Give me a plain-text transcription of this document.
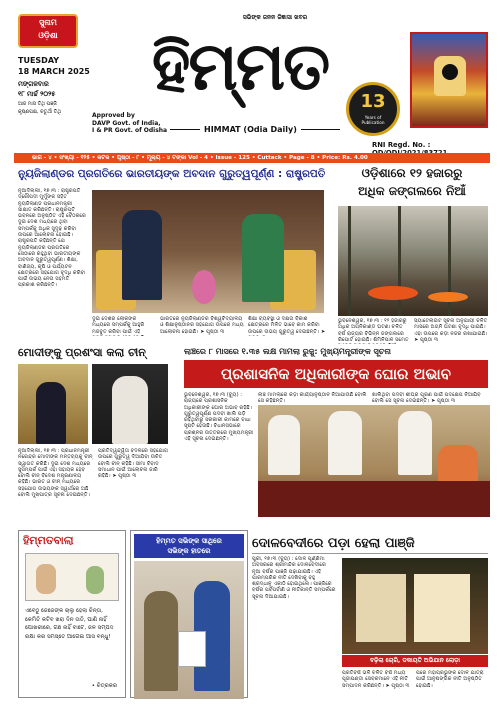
ସୁନାମ
ଓଡ଼ିଶା
TUESDAY
18 MARCH 2025
ମଙ୍ଗଳବାର
୧୮ ମାର୍ଚ୍ଚ ୨୦୨୫
ଆଜ ମାସ ତିଥି ପଞ୍ଜି
କୃଷ୍ଣପକ୍ଷ, ଚତୁର୍ଥୀ ତିଥି
ସଭିଙ୍କ ଜନନ ଜିଜ୍ଞାସା ଖବର
ହିମ୍ମତ
HIMMAT (Odia Daily)
Approved by
DAVP Govt. of India,
I & PR Govt. of Odisha
13
Years of Publication
RNI Regd. No. :
ଭାଗ - ୪ • ସଂଖ୍ୟା - ୧୨୫ • କଟକ • ପୃଷ୍ଠା - ୮ • ମୂଲ୍ୟ - ୪ ଟଙ୍କା Vol - 4 • Issue - 125 • Cuttack • Page - 8 • Price: Rs. 4.00
ନ୍ୟୁଜିଲାଣ୍ଡର ପ୍ରଗତିରେ ଭାରତୀୟଙ୍କ ଅବଦାନ ଗୁରୁତ୍ୱପୂର୍ଣ୍ଣ : ରାଷ୍ଟ୍ରପତି
ନୂଆଦିଲ୍ଲୀ, ୧୭।୩ : ରାଷ୍ଟ୍ରପତି ଦ୍ରୌପଦୀ ମୁର୍ମୁଙ୍କ ସହିତ ନ୍ୟୁଜିଲାଣ୍ଡ ପ୍ରଧାନମନ୍ତ୍ରୀ ସାକ୍ଷାତ କରିଛନ୍ତି। ରାଷ୍ଟ୍ରପତି ଭବନରେ ଅନୁଷ୍ଠିତ ଏହି ବୈଠକରେ ଦୁଇ ଦେଶ ମଧ୍ୟରେ ଥିବା ସମ୍ପର୍କକୁ ଅଧିକ ସୁଦୃଢ଼ କରିବା ଉପରେ ଆଲୋଚନା ହୋଇଛି। ରାଷ୍ଟ୍ରପତି କହିଛନ୍ତି ଯେ ନ୍ୟୁଜିଲାଣ୍ଡର ପ୍ରଗତିରେ ସେଠାରେ ରହୁଥିବା ଭାରତୀୟଙ୍କ ଅବଦାନ ଗୁରୁତ୍ୱପୂର୍ଣ୍ଣ। ଶିକ୍ଷା, ବାଣିଜ୍ୟ, କୃଷି ଓ ପର୍ଯ୍ୟଟନ କ୍ଷେତ୍ରରେ ସହଯୋଗ ବୃଦ୍ଧି କରିବା ପାଇଁ ଉଭୟ ନେତା ସହମତି ପ୍ରକାଶ କରିଛନ୍ତି।
ଦୁଇ ଦେଶର ଲୋକଙ୍କ ମଧ୍ୟରେ ସମ୍ପର୍କକୁ ଆହୁରି ମଜବୁତ କରିବା ପାଇଁ ଏହି
ଭାରତରେ ନ୍ୟୁଜିଲାଣ୍ଡର ବିଶ୍ୱବିଦ୍ୟାଳୟ ଓ ଶିକ୍ଷାନୁଷ୍ଠାନର ସହଯୋଗ ଉପରେ ମଧ୍ୟ ଆଲୋଚନା ହୋଇଛି। ➤ ପୃଷ୍ଠା ୩
ଶିକ୍ଷା ବ୍ୟବସ୍ଥା ଓ ଦକ୍ଷତା ବିକାଶ କ୍ଷେତ୍ରରେ ମିଳିତ ଭାବେ କାମ କରିବା ଉପରେ ଉଭୟ ଗୁରୁତ୍ୱ ଦେଇଛନ୍ତି। ➤
ଓଡ଼ିଶାରେ ୧୨ ହଜାରରୁ
ଅଧିକ ଜଙ୍ଗଲରେ ନିଆଁ
ଭୁବନେଶ୍ୱର, ୧୭।୩ : ୧୨ ହଜାରରୁ ଅଧିକ ଅଗ୍ନିକାଣ୍ଡ ଘଟଣା ଚଳିତ ବର୍ଷ ରାଜ୍ୟର ବିଭିନ୍ନ ଜଙ୍ଗଲରେ ରିପୋର୍ଟ ହୋଇଛି। ଶିମିଳିପାଳ ସମେତ
ସ୍ୟାଟେଲାଇଟ ସୂଚନା ଅନୁଯାୟୀ ଚଳିତ ମାସରେ ଅଗ୍ନି ଘଟଣା ବୃଦ୍ଧି ପାଇଛି। ଏହା ଉପରେ କଡ଼ା ନଜର ରଖାଯାଇଛି। ➤ ପୃଷ୍ଠା ୩
ମୋଦୀଙ୍କୁ ପ୍ରଶଂସା କଲା ଚୀନ୍
ନୂଆଦିଲ୍ଲୀ, ୧୭।୩ : ପ୍ରଧାନମନ୍ତ୍ରୀ ନରେନ୍ଦ୍ର ମୋଦୀଙ୍କ ମନ୍ତବ୍ୟକୁ ଚୀନ୍ ସ୍ୱାଗତ କରିଛି। ଦୁଇ ଦେଶ ମଧ୍ୟରେ ସୁସମ୍ପର୍କ ପାଇଁ ଏହା ସହାୟକ ହେବ ବୋଲି ଚୀନ୍ ବିଦେଶ ମନ୍ତ୍ରଣାଳୟ କହିଛି। ଭାରତ ଓ ଚୀନ୍ ମଧ୍ୟରେ ସହଯୋଗ ଉଭୟଙ୍କ ସ୍ୱାର୍ଥରେ ଅଛି ବୋଲି ମୁଖପାତ୍ର ସୂଚନା ଦେଇଛନ୍ତି।
ପ୍ରତିଦ୍ୱନ୍ଦ୍ୱିତା ବଦଳରେ ସହଯୋଗ ଉପରେ ଗୁରୁତ୍ୱ ଦିଆଯିବା ଉଚିତ ବୋଲି ଚୀନ୍ କହିଛି। ସୀମା ବିବାଦ ସମାଧାନ ପାଇଁ ଆଲୋଚନା ଜାରି ରହିଛି। ➤ ପୃଷ୍ଠା ୩
ଲାଞ୍ଚରେ ୮ ମାସରେ ୧.୩୫ ଲକ୍ଷ ମାମଲା ରୁଜୁ: ମୁଖ୍ୟମନ୍ତ୍ରୀଙ୍କ ସୂଚନା
ପ୍ରଶାସନିକ ଅଧିକାରୀଙ୍କ ଘୋର ଅଭାବ
ଭୁବନେଶ୍ୱର, ୧୭।୩ (ବ୍ୟୁ) : ରାଜ୍ୟରେ ପ୍ରଶାସନିକ ଅଧିକାରୀଙ୍କ ଘୋର ଅଭାବ ରହିଛି। ଗୁରୁତ୍ୱପୂର୍ଣ୍ଣ ପଦବୀ ଖାଲି ପଡ଼ି ରହିଥିବାରୁ ସରକାରୀ କାମରେ ବାଧା ସୃଷ୍ଟି ହେଉଛି। ବିଧାନସଭାରେ ପ୍ରଶ୍ନର ଉତ୍ତରରେ ମୁଖ୍ୟମନ୍ତ୍ରୀ ଏହି ସୂଚନା ଦେଇଛନ୍ତି।
ଲାଞ୍ଚ ମାମଲାରେ କଡ଼ା କାର୍ଯ୍ୟାନୁଷ୍ଠାନ ନିଆଯାଉଛି ବୋଲି ସେ କହିଛନ୍ତି।
ଖାଲିଥିବା ପଦବୀ ଶୀଘ୍ର ପୂରଣ ପାଇଁ ପଦକ୍ଷେପ ନିଆଯିବ ବୋଲି ସେ ସୂଚନା ଦେଇଛନ୍ତି। ➤ ପୃଷ୍ଠା ୩
ହିମ୍ମତବାଲା
ଏବେଠୁ ଜେଜେଙ୍କ ଚାଲୁ ହେଲା ଚିନ୍ତା, କେମିତି କଟିବ ଖରା ଦିନ ତାତି, ପାଣି ନାହିଁ ପୋଖରୀରେ, ଗଛ ନାହିଁ ବାଟେ, ଜଳ ସମ୍ପଦ ରକ୍ଷା କର ସମସ୍ତେ ଆଗେଇ ଆସ ବନ୍ଧୁ!
• ଚିତ୍ରକର
ହିମ୍ମତ ସଭିଙ୍କ ସାଥିରେ
ସଭିଙ୍କ ହାତରେ	ଦୋଳବେଦୀରେ ପଡ଼ା ହେଲା ପାଞ୍ଜି
ପୁରୀ, ୧୭।୩ (ବ୍ୟୁ) : ଦୋଳ ପୂର୍ଣ୍ଣିମା ଅବସରରେ ଶ୍ରୀମନ୍ଦିର ଦୋଳବେଦୀରେ ନୂଆ ବର୍ଷର ପାଞ୍ଜି ପଢ଼ାଯାଇଛି। ଏହି ପାରମ୍ପରିକ ନୀତି ଦେଖିବାକୁ ବହୁ ଶ୍ରଦ୍ଧାଳୁ ଏକାଠି ହୋଇଥିଲେ। ପାଞ୍ଜିରେ ବର୍ଷର ପର୍ବପର୍ବାଣି ଓ ନୀତିକାନ୍ତି ସମ୍ପର୍କରେ ସୂଚନା ଦିଆଯାଇଛି।
ବଢ଼ିଲା ଚୋରି, ଡକାୟତି ଅଭିଯାନ ଲୋଡ଼ା
ପ୍ରତିବର୍ଷ ଭଳି ଚଳିତ ବର୍ଷ ମଧ୍ୟ ପୂଜାପଣ୍ଡା ସେବକମାନେ ଏହି ନୀତି ସମ୍ପାଦନ କରିଛନ୍ତି। ➤ ପୃଷ୍ଠା ୩
ପରେ ମହାପ୍ରଭୁଙ୍କ ଦୋଳ ଯାତ୍ରା ପାଇଁ ଆନୁଷଙ୍ଗିକ ନୀତି ଅନୁଷ୍ଠିତ ହୋଇଛି।
